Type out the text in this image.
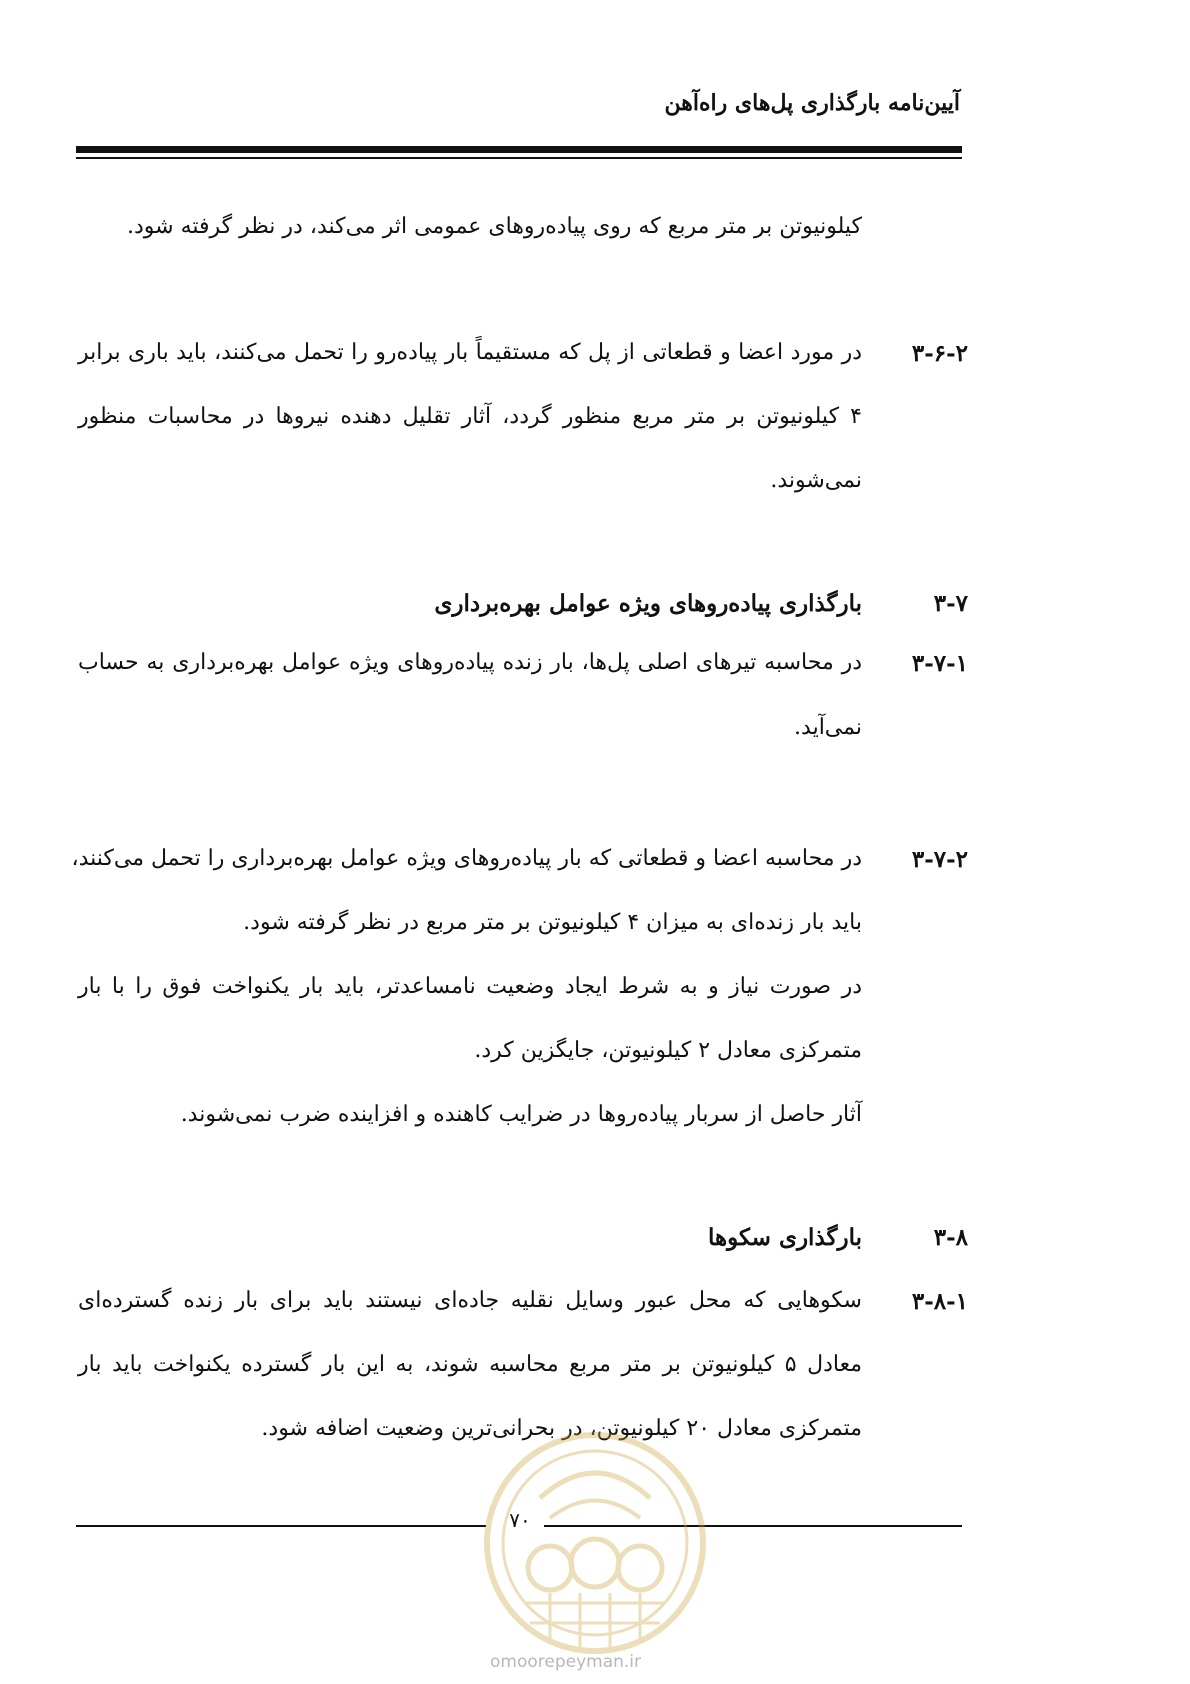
آیین‌نامه بارگذاری پل‌های راه‌آهن
کیلونیوتن بر متر مربع که روی پیاده‌روهای عمومی اثر می‌کند، در نظر گرفته شود.
۳-۶-۲
در مورد اعضا و قطعاتی از پل که مستقیماً بار پیاده‌رو را تحمل می‌کنند، باید باری برابر
۴ کیلونیوتن بر متر مربع منظور گردد، آثار تقلیل دهنده نیروها در محاسبات منظور
نمی‌شوند.
۳-۷
بارگذاری پیاده‌روهای ویژه عوامل بهره‌برداری
۳-۷-۱
در محاسبه تیرهای اصلی پل‌ها، بار زنده پیاده‌روهای ویژه عوامل بهره‌برداری به حساب
نمی‌آید.
۳-۷-۲
در محاسبه اعضا و قطعاتی که بار پیاده‌روهای ویژه عوامل بهره‌برداری را تحمل می‌کنند،
باید بار زنده‌ای به میزان ۴ کیلونیوتن بر متر مربع در نظر گرفته شود.
در صورت نیاز و به شرط ایجاد وضعیت نامساعدتر، باید بار یکنواخت فوق را با بار
متمرکزی معادل ۲ کیلونیوتن، جایگزین کرد.
آثار حاصل از سربار پیاده‌روها در ضرایب کاهنده و افزاینده ضرب نمی‌شوند.
۳-۸
بارگذاری سکوها
۳-۸-۱
سکوهایی که محل عبور وسایل نقلیه جاده‌ای نیستند باید برای بار زنده گسترده‌ای
معادل ۵ کیلونیوتن بر متر مربع محاسبه شوند، به این بار گسترده یکنواخت باید بار
متمرکزی معادل ۲۰ کیلونیوتن، در بحرانی‌ترین وضعیت اضافه شود.
۷۰
omoorepeyman.ir
